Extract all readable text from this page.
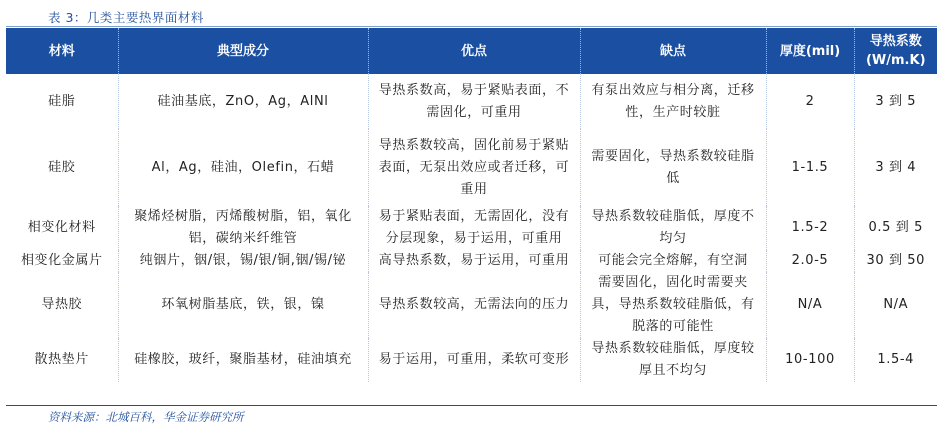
表 3：几类主要热界面材料
材料	典型成分	优点	缺点	厚度(mil)	导热系数
(W/m.K)
硅脂	硅油基底，ZnO，Ag，AlNl	导热系数高，易于紧贴表面，不需固化，可重用	有泵出效应与相分离，迁移性，生产时较脏	2	3 到 5
硅胶	Al，Ag，硅油，Olefin，石蜡	导热系数较高，固化前易于紧贴表面，无泵出效应或者迁移，可重用	需要固化，导热系数较硅脂低	1-1.5	3 到 4
相变化材料	聚烯烃树脂，丙烯酸树脂，铝，氧化铝，碳纳米纤维管	易于紧贴表面，无需固化，没有分层现象，易于运用，可重用	导热系数较硅脂低，厚度不均匀	1.5-2	0.5 到 5
相变化金属片	纯铟片，铟/银，锡/银/铜,铟/锡/铋	高导热系数，易于运用，可重用	可能会完全熔解，有空洞	2.0-5	30 到 50
导热胶	环氧树脂基底，铁，银，镍	导热系数较高，无需法向的压力	需要固化，固化时需要夹具，导热系数较硅脂低，有脱落的可能性	N/A	N/A
散热垫片	硅橡胶，玻纤，聚脂基材，硅油填充	易于运用，可重用，柔软可变形	导热系数较硅脂低，厚度较厚且不均匀	10-100	1.5-4
资料来源：北城百科，华金证券研究所
